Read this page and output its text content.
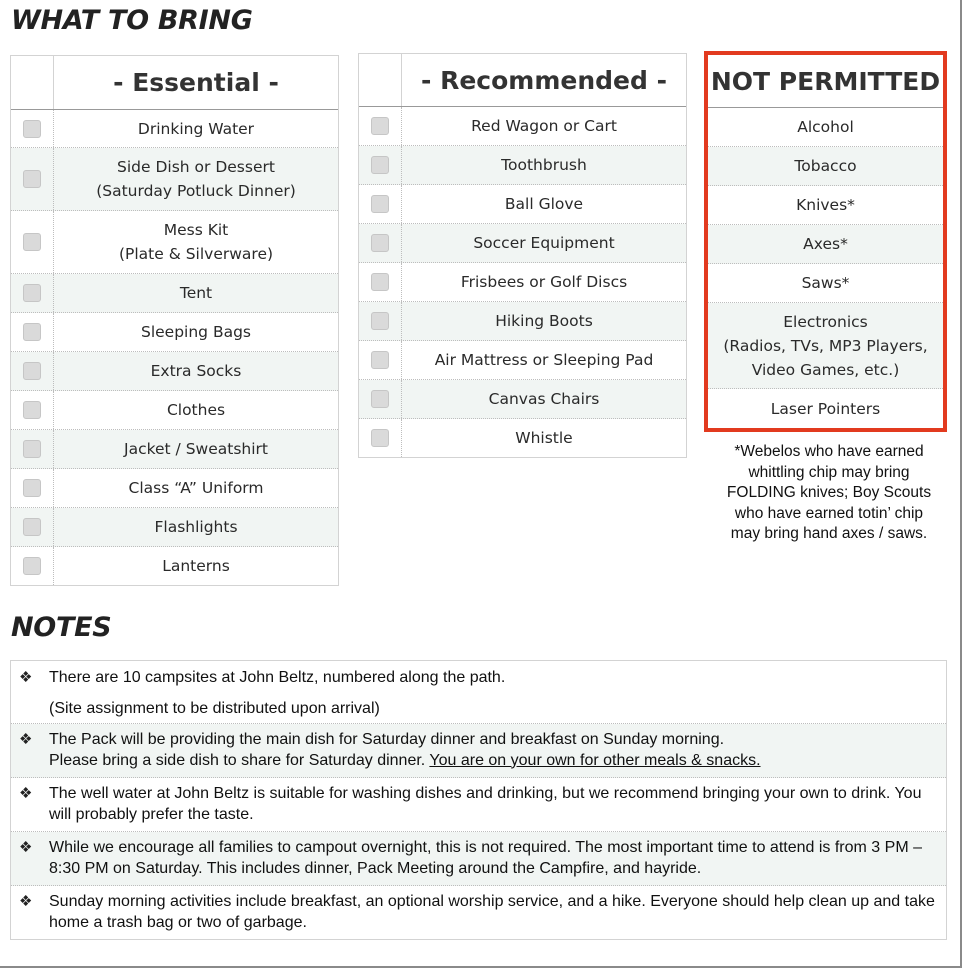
WHAT TO BRING
- Essential -
Drinking Water
Side Dish or Dessert
(Saturday Potluck Dinner)
Mess Kit
(Plate & Silverware)
Tent
Sleeping Bags
Extra Socks
Clothes
Jacket / Sweatshirt
Class “A” Uniform
Flashlights
Lanterns
- Recommended -
Red Wagon or Cart
Toothbrush
Ball Glove
Soccer Equipment
Frisbees or Golf Discs
Hiking Boots
Air Mattress or Sleeping Pad
Canvas Chairs
Whistle
NOT PERMITTED
Alcohol
Tobacco
Knives*
Axes*
Saws*
Electronics
(Radios, TVs, MP3 Players,
Video Games, etc.)
Laser Pointers
*Webelos who have earned
whittling chip may bring
FOLDING knives; Boy Scouts
who have earned totin’ chip
may bring hand axes / saws.
NOTES
❖	There are 10 campsites at John Beltz, numbered along the path.
(Site assignment to be distributed upon arrival)
❖	The Pack will be providing the main dish for Saturday dinner and breakfast on Sunday morning.
Please bring a side dish to share for Saturday dinner. You are on your own for other meals & snacks.
❖	The well water at John Beltz is suitable for washing dishes and drinking, but we recommend bringing your own to drink. You will probably prefer the taste.
❖	While we encourage all families to campout overnight, this is not required. The most important time to attend is from 3 PM – 8:30 PM on Saturday. This includes dinner, Pack Meeting around the Campfire, and hayride.
❖	Sunday morning activities include breakfast, an optional worship service, and a hike. Everyone should help clean up and take home a trash bag or two of garbage.
